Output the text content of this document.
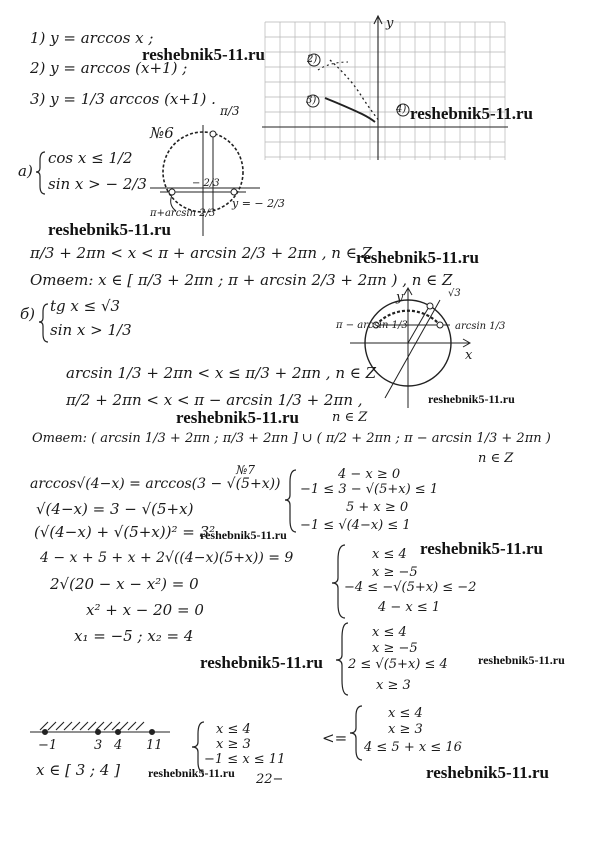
1) y = arccos x ;
2) y = arccos (x+1) ;
3) y = 1/3 arccos (x+1) .
y
2)
3)
4)
№6
π/3
a)
cos x ≤ 1/2
sin x > − 2/3	− 2/3
π+arcsin 2/3
y = − 2/3
π/3 + 2πn < x < π + arcsin 2/3 + 2πn , n ∈ Z
Ответ: x ∈ [ π/3 + 2πn ; π + arcsin 2/3 + 2πn ) , n ∈ Z
б) tg x ≤ √3
sin x > 1/3	π − arcsin 1/3	arcsin 1/3
√3
x
y
arcsin 1/3 + 2πn < x ≤ π/3 + 2πn , n ∈ Z
π/2 + 2πn < x < π − arcsin 1/3 + 2πn ,
n ∈ Z
Ответ: ( arcsin 1/3 + 2πn ; π/3 + 2πn ] ∪ ( π/2 + 2πn ; π − arcsin 1/3 + 2πn )
n ∈ Z
№7
arccos√(4−x) = arccos(3 − √(5+x))
√(4−x) = 3 − √(5+x)
(√(4−x) + √(5+x))² = 3²
4 − x + 5 + x + 2√((4−x)(5+x)) = 9
2√(20 − x − x²) = 0
x² + x − 20 = 0
x₁ = −5 ; x₂ = 4
4 − x ≥ 0
−1 ≤ 3 − √(5+x) ≤ 1
5 + x ≥ 0
−1 ≤ √(4−x) ≤ 1
x ≤ 4
x ≥ −5
−4 ≤ −√(5+x) ≤ −2
4 − x ≤ 1
x ≤ 4
x ≥ −5
2 ≤ √(5+x) ≤ 4
x ≥ 3
x ≤ 4
x ≥ 3
4 ≤ 5 + x ≤ 16
<=
x ≤ 4
x ≥ 3
−1 ≤ x ≤ 11
−1	3 4 11
x ∈ [ 3 ; 4 ]
22−
reshebnik5-11.ru
reshebnik5-11.ru
reshebnik5-11.ru
reshebnik5-11.ru
reshebnik5-11.ru
reshebnik5-11.ru
reshebnik5-11.ru
reshebnik5-11.ru
reshebnik5-11.ru	reshebnik5-11.ru
reshebnik5-11.ru	reshebnik5-11.ru
